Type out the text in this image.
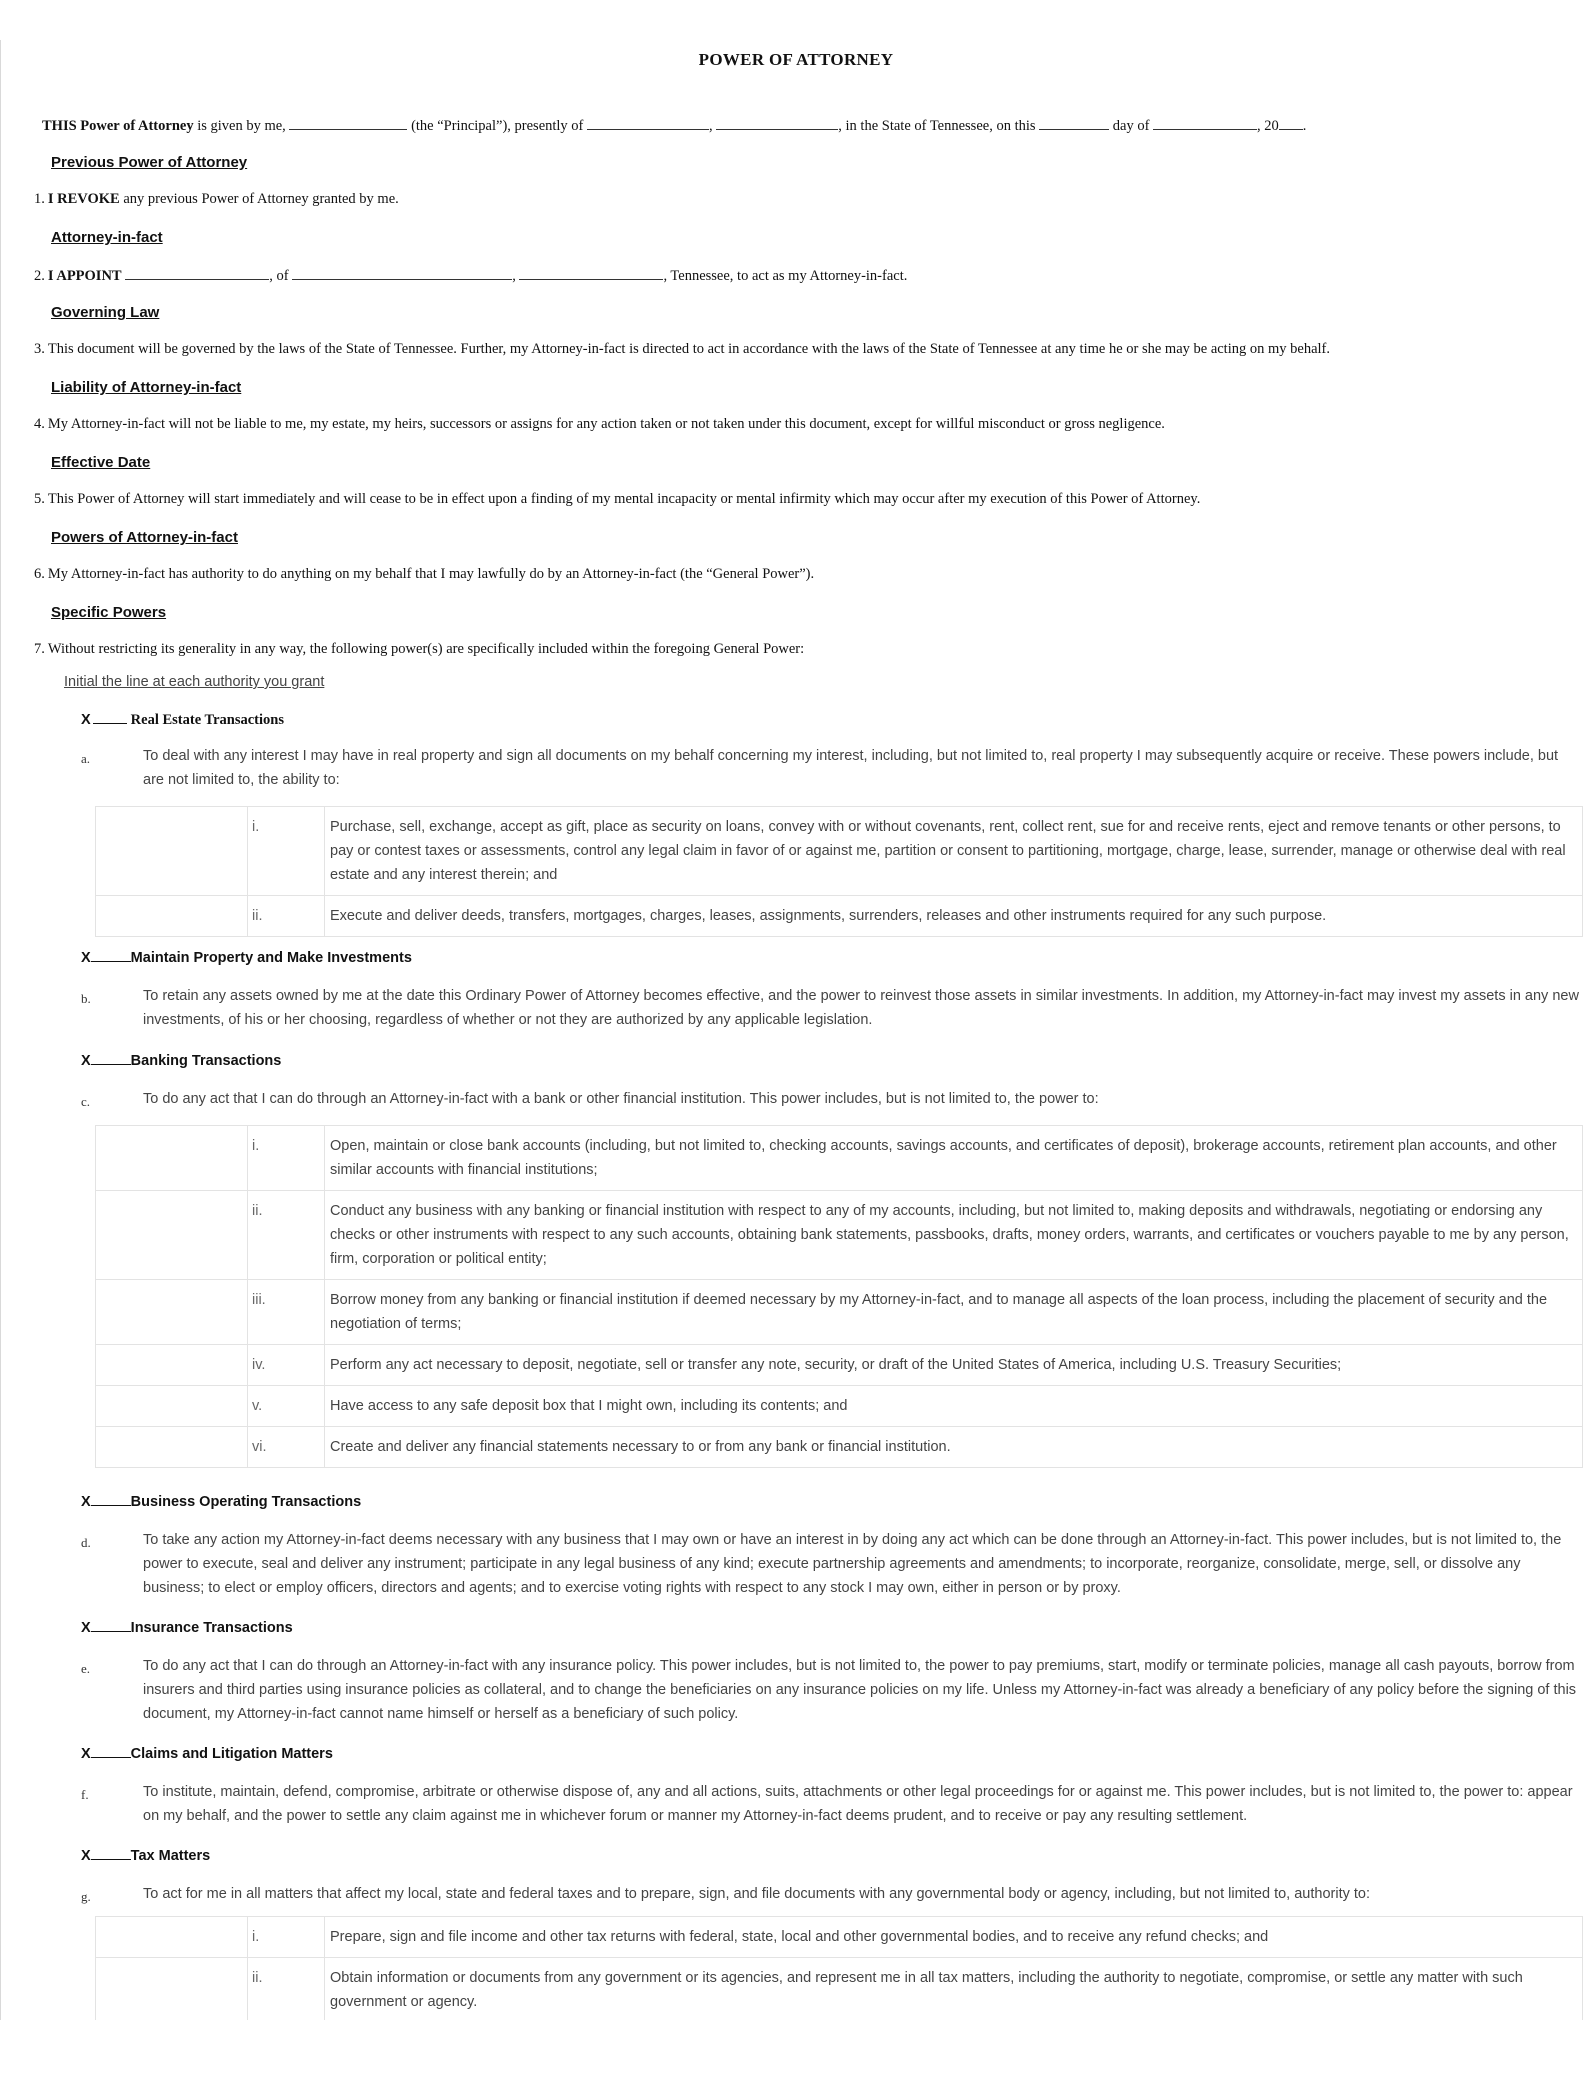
POWER OF ATTORNEY
THIS Power of Attorney is given by me,	(the “Principal”), presently of	,	, in the State of Tennessee, on this	day of	, 20 .
Previous Power of Attorney
1. I REVOKE any previous Power of Attorney granted by me.
Attorney-in-fact
2. I APPOINT	, of	,	, Tennessee, to act as my Attorney-in-fact.
Governing Law
3. This document will be governed by the laws of the State of Tennessee. Further, my Attorney-in-fact is directed to act in accordance with the laws of the State of Tennessee at any time he or she may be acting on my behalf.
Liability of Attorney-in-fact
4. My Attorney-in-fact will not be liable to me, my estate, my heirs, successors or assigns for any action taken or not taken under this document, except for willful misconduct or gross negligence.
Effective Date
5. This Power of Attorney will start immediately and will cease to be in effect upon a finding of my mental incapacity or mental infirmity which may occur after my execution of this Power of Attorney.
Powers of Attorney-in-fact
6. My Attorney-in-fact has authority to do anything on my behalf that I may lawfully do by an Attorney-in-fact (the “General Power”).
Specific Powers
7. Without restricting its generality in any way, the following power(s) are specifically included within the foregoing General Power:
Initial the line at each authority you grant
X	Real Estate Transactions
a.	To deal with any interest I may have in real property and sign all documents on my behalf concerning my interest, including, but not limited to, real property I may subsequently acquire or receive. These powers include, but are not limited to, the ability to:
	i.	Purchase, sell, exchange, accept as gift, place as security on loans, convey with or without covenants, rent, collect rent, sue for and receive rents, eject and remove tenants or other persons, to pay or contest taxes or assessments, control any legal claim in favor of or against me, partition or consent to partitioning, mortgage, charge, lease, surrender, manage or otherwise deal with real estate and any interest therein; and
	ii.	Execute and deliver deeds, transfers, mortgages, charges, leases, assignments, surrenders, releases and other instruments required for any such purpose.
X	Maintain Property and Make Investments
b.	To retain any assets owned by me at the date this Ordinary Power of Attorney becomes effective, and the power to reinvest those assets in similar investments. In addition, my Attorney-in-fact may invest my assets in any new investments, of his or her choosing, regardless of whether or not they are authorized by any applicable legislation.
X	Banking Transactions
c.	To do any act that I can do through an Attorney-in-fact with a bank or other financial institution. This power includes, but is not limited to, the power to:
	i.	Open, maintain or close bank accounts (including, but not limited to, checking accounts, savings accounts, and certificates of deposit), brokerage accounts, retirement plan accounts, and other similar accounts with financial institutions;
	ii.	Conduct any business with any banking or financial institution with respect to any of my accounts, including, but not limited to, making deposits and withdrawals, negotiating or endorsing any checks or other instruments with respect to any such accounts, obtaining bank statements, passbooks, drafts, money orders, warrants, and certificates or vouchers payable to me by any person, firm, corporation or political entity;
	iii.	Borrow money from any banking or financial institution if deemed necessary by my Attorney-in-fact, and to manage all aspects of the loan process, including the placement of security and the negotiation of terms;
	iv.	Perform any act necessary to deposit, negotiate, sell or transfer any note, security, or draft of the United States of America, including U.S. Treasury Securities;
	v.	Have access to any safe deposit box that I might own, including its contents; and
	vi.	Create and deliver any financial statements necessary to or from any bank or financial institution.
X	Business Operating Transactions
d.	To take any action my Attorney-in-fact deems necessary with any business that I may own or have an interest in by doing any act which can be done through an Attorney-in-fact. This power includes, but is not limited to, the power to execute, seal and deliver any instrument; participate in any legal business of any kind; execute partnership agreements and amendments; to incorporate, reorganize, consolidate, merge, sell, or dissolve any business; to elect or employ officers, directors and agents; and to exercise voting rights with respect to any stock I may own, either in person or by proxy.
X	Insurance Transactions
e.	To do any act that I can do through an Attorney-in-fact with any insurance policy. This power includes, but is not limited to, the power to pay premiums, start, modify or terminate policies, manage all cash payouts, borrow from insurers and third parties using insurance policies as collateral, and to change the beneficiaries on any insurance policies on my life. Unless my Attorney-in-fact was already a beneficiary of any policy before the signing of this document, my Attorney-in-fact cannot name himself or herself as a beneficiary of such policy.
X	Claims and Litigation Matters
f.	To institute, maintain, defend, compromise, arbitrate or otherwise dispose of, any and all actions, suits, attachments or other legal proceedings for or against me. This power includes, but is not limited to, the power to: appear on my behalf, and the power to settle any claim against me in whichever forum or manner my Attorney-in-fact deems prudent, and to receive or pay any resulting settlement.
X	Tax Matters
g.	To act for me in all matters that affect my local, state and federal taxes and to prepare, sign, and file documents with any governmental body or agency, including, but not limited to, authority to:
	i.	Prepare, sign and file income and other tax returns with federal, state, local and other governmental bodies, and to receive any refund checks; and
	ii.	Obtain information or documents from any government or its agencies, and represent me in all tax matters, including the authority to negotiate, compromise, or settle any matter with such government or agency.
